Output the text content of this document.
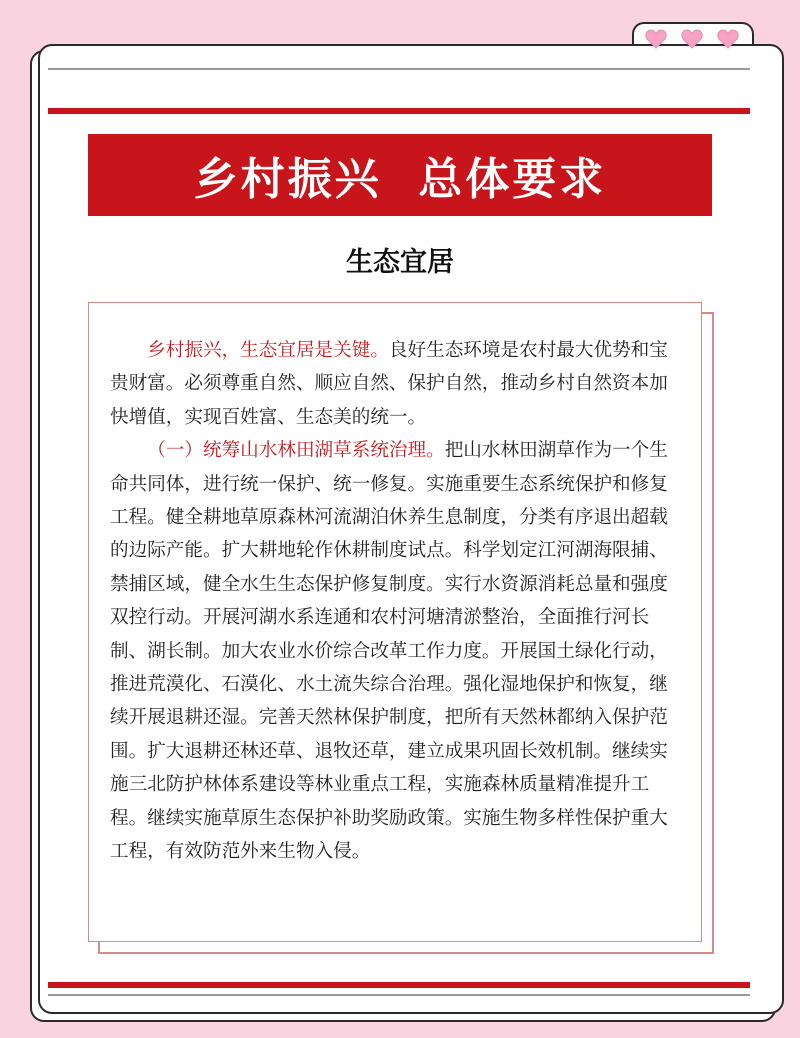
乡村振兴  总体要求
生态宜居

乡村振兴，生态宜居是关键。良好生态环境是农村最大优势和宝贵财富。必须尊重自然、顺应自然、保护自然，推动乡村自然资本加快增值，实现百姓富、生态美的统一。

（一）统筹山水林田湖草系统治理。把山水林田湖草作为一个生命共同体，进行统一保护、统一修复。实施重要生态系统保护和修复工程。健全耕地草原森林河流湖泊休养生息制度，分类有序退出超载的边际产能。扩大耕地轮作休耕制度试点。科学划定江河湖海限捕、禁捕区域，健全水生生态保护修复制度。实行水资源消耗总量和强度双控行动。开展河湖水系连通和农村河塘清淤整治，全面推行河长制、湖长制。加大农业水价综合改革工作力度。开展国土绿化行动，推进荒漠化、石漠化、水土流失综合治理。强化湿地保护和恢复，继续开展退耕还湿。完善天然林保护制度，把所有天然林都纳入保护范围。扩大退耕还林还草、退牧还草，建立成果巩固长效机制。继续实施三北防护林体系建设等林业重点工程，实施森林质量精准提升工程。继续实施草原生态保护补助奖励政策。实施生物多样性保护重大工程，有效防范外来生物入侵。
